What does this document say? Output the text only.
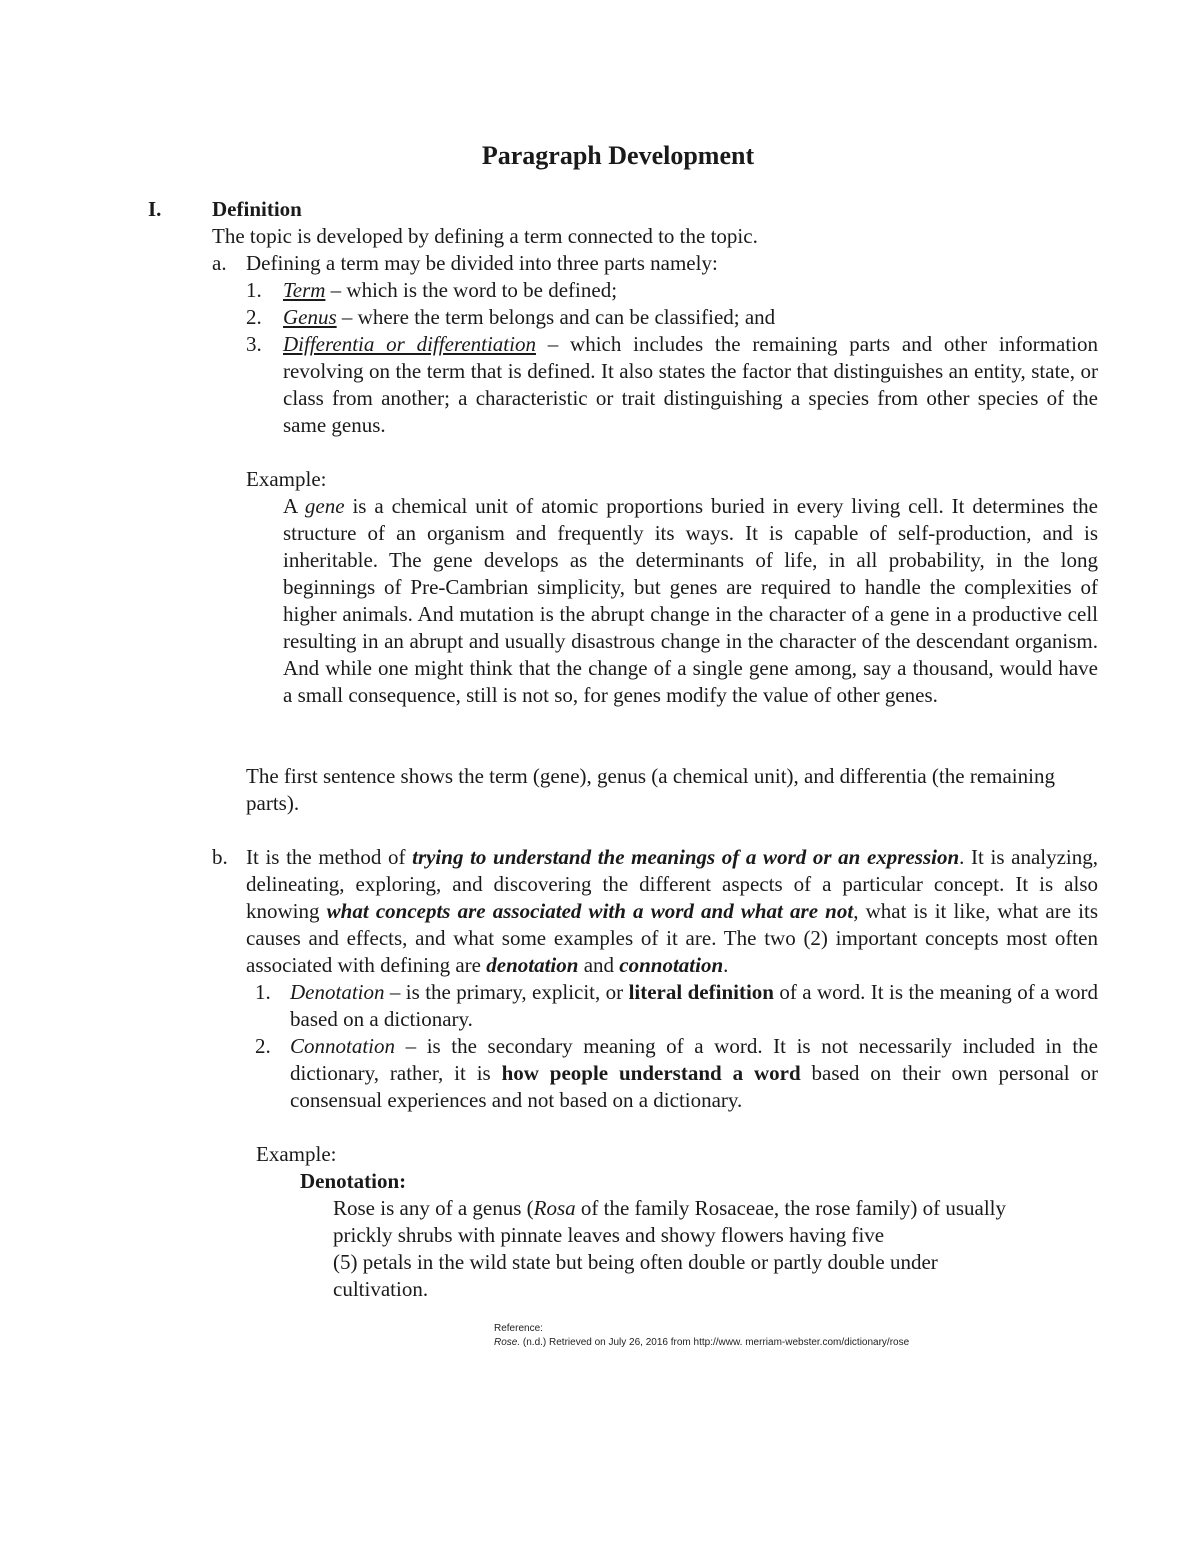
Paragraph Development
I. Definition
The topic is developed by defining a term connected to the topic.
a. Defining a term may be divided into three parts namely:
1.	Term – which is the word to be defined;
2.	Genus – where the term belongs and can be classified; and
3.	Differentia or differentiation – which includes the remaining parts and other information revolving on the term that is defined. It also states the factor that distinguishes an entity, state, or class from another; a characteristic or trait distinguishing a species from other species of the same genus.
Example:
A gene is a chemical unit of atomic proportions buried in every living cell. It determines the structure of an organism and frequently its ways. It is capable of self-production, and is inheritable. The gene develops as the determinants of life, in all probability, in the long beginnings of Pre-Cambrian simplicity, but genes are required to handle the complexities of higher animals. And mutation is the abrupt change in the character of a gene in a productive cell resulting in an abrupt and usually disastrous change in the character of the descendant organism. And while one might think that the change of a single gene among, say a thousand, would have a small consequence, still is not so, for genes modify the value of other genes.
The first sentence shows the term (gene), genus (a chemical unit), and differentia (the remaining parts).
b. It is the method of trying to understand the meanings of a word or an expression. It is analyzing, delineating, exploring, and discovering the different aspects of a particular concept. It is also knowing what concepts are associated with a word and what are not, what is it like, what are its causes and effects, and what some examples of it are. The two (2) important concepts most often associated with defining are denotation and connotation.
1. Denotation – is the primary, explicit, or literal definition of a word. It is the meaning of a word based on a dictionary.
2. Connotation – is the secondary meaning of a word. It is not necessarily included in the dictionary, rather, it is how people understand a word based on their own personal or consensual experiences and not based on a dictionary.
Example:
Denotation:
Rose is any of a genus (Rosa of the family Rosaceae, the rose family) of usually
prickly shrubs with pinnate leaves and showy flowers having five
(5) petals in the wild state but being often double or partly double under
cultivation.
Reference:
Rose. (n.d.) Retrieved on July 26, 2016 from http://www. merriam-webster.com/dictionary/rose
